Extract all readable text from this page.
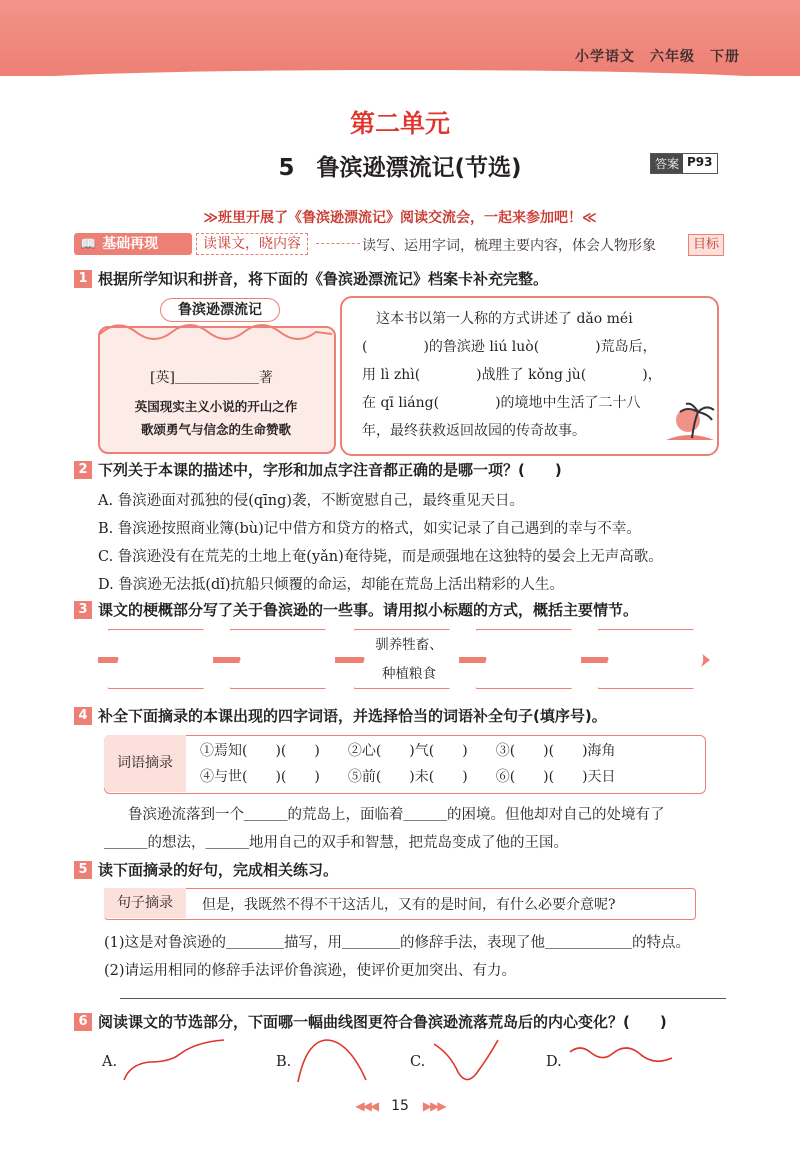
小学语文　六年级　下册
第二单元
5 鲁滨逊漂流记(节选)	答案 P93
≫班里开展了《鲁滨逊漂流记》阅读交流会，一起来参加吧！≪
📖 基础再现	读课文，晓内容	读写、运用字词，梳理主要内容，体会人物形象	目标
1 根据所学知识和拼音，将下面的《鲁滨逊漂流记》档案卡补充完整。
鲁滨逊漂流记
[英]＿＿＿＿＿＿著
英国现实主义小说的开山之作
歌颂勇气与信念的生命赞歌
　这本书以第一人称的方式讲述了 dǎo méi
(　　　　)的鲁滨逊 liú luò(　　　　)荒岛后，
用 lì zhì(　　　　)战胜了 kǒng jù(　　　　)，
在 qī liáng(　　　　)的境地中生活了二十八
年，最终获救返回故园的传奇故事。
2 下列关于本课的描述中，字形和加点字注音都正确的是哪一项？(　　)
A. 鲁滨逊面对孤独的侵(qīng)袭，不断宽慰自己，最终重见天日。
B. 鲁滨逊按照商业簿(bù)记中借方和贷方的格式，如实记录了自己遇到的幸与不幸。
C. 鲁滨逊没有在荒芜的土地上奄(yǎn)奄待毙，而是顽强地在这独特的晏会上无声高歌。
D. 鲁滨逊无法抵(dǐ)抗船只倾覆的命运，却能在荒岛上活出精彩的人生。
3 课文的梗概部分写了关于鲁滨逊的一些事。请用拟小标题的方式，概括主要情节。
驯养牲畜、
种植粮食
4 补全下面摘录的本课出现的四字词语，并选择恰当的词语补全句子(填序号)。
词语摘录
①焉知(　　)(　　)　　②心(　　)气(　　)　　③(　　)(　　)海角
④与世(　　)(　　)　　⑤前(　　)未(　　)　　⑥(　　)(　　)天日
鲁滨逊流落到一个＿＿＿的荒岛上，面临着＿＿＿的困境。但他却对自己的处境有了
＿＿＿的想法，＿＿＿地用自己的双手和智慧，把荒岛变成了他的王国。
5 读下面摘录的好句，完成相关练习。
句子摘录	但是，我既然不得不干这活儿，又有的是时间，有什么必要介意呢?
(1)这是对鲁滨逊的＿＿＿＿描写，用＿＿＿＿的修辞手法，表现了他＿＿＿＿＿＿的特点。
(2)请运用相同的修辞手法评价鲁滨逊，使评价更加突出、有力。
6 阅读课文的节选部分，下面哪一幅曲线图更符合鲁滨逊流落荒岛后的内心变化？(　　)
A.	B.	C.	D.
◀◀◀ 15 ▶▶▶
